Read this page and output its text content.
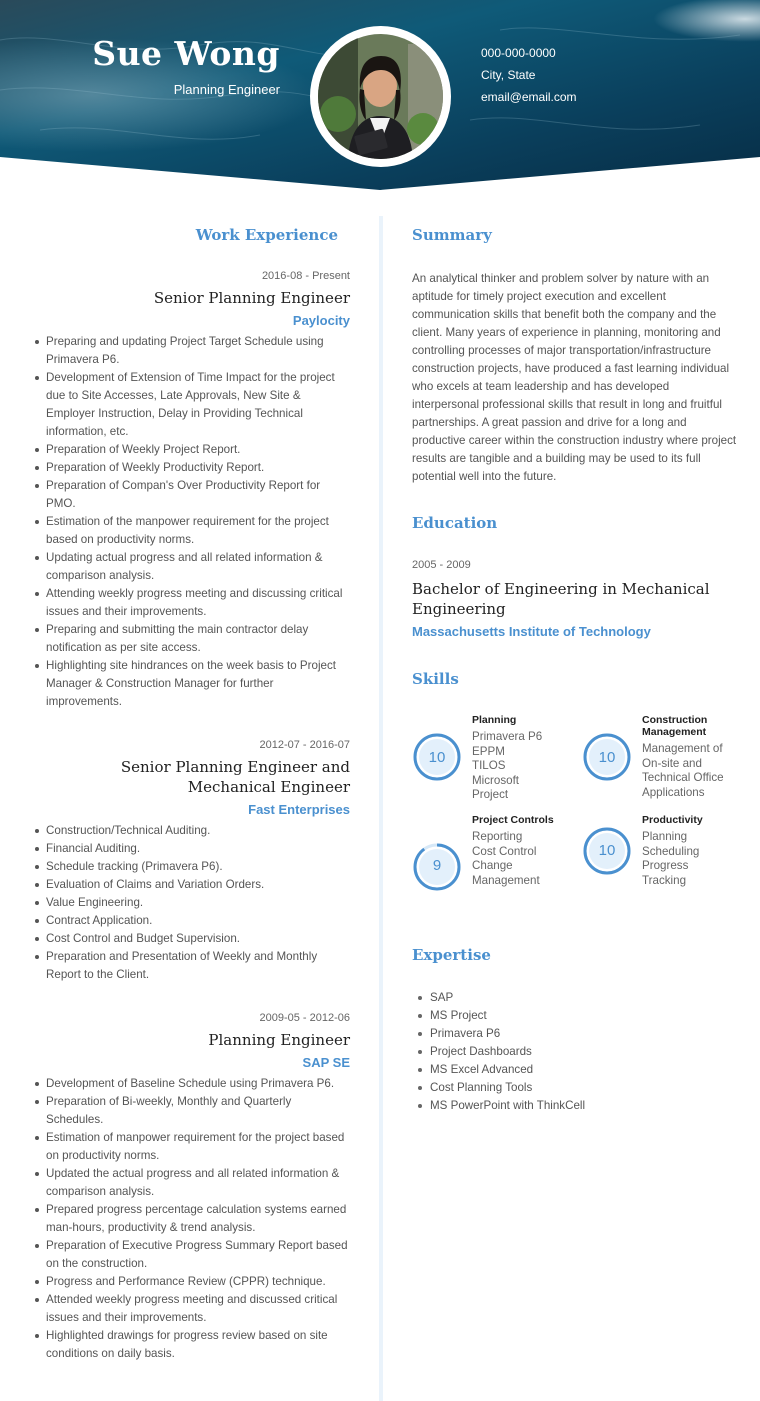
Sue Wong
Planning Engineer
000-000-0000
City, State
email@email.com
Work Experience
2016-08 - Present
Senior Planning Engineer
Paylocity
Preparing and updating Project Target Schedule using Primavera P6.
Development of Extension of Time Impact for the project due to Site Accesses, Late Approvals, New Site & Employer Instruction, Delay in Providing Technical information, etc.
Preparation of Weekly Project Report.
Preparation of Weekly Productivity Report.
Preparation of Compan's Over Productivity Report for PMO.
Estimation of the manpower requirement for the project based on productivity norms.
Updating actual progress and all related information & comparison analysis.
Attending weekly progress meeting and discussing critical issues and their improvements.
Preparing and submitting the main contractor delay notification as per site access.
Highlighting site hindrances on the week basis to Project Manager & Construction Manager for further improvements.
2012-07 - 2016-07
Senior Planning Engineer and Mechanical Engineer
Fast Enterprises
Construction/Technical Auditing.
Financial Auditing.
Schedule tracking (Primavera P6).
Evaluation of Claims and Variation Orders.
Value Engineering.
Contract Application.
Cost Control and Budget Supervision.
Preparation and Presentation of Weekly and Monthly Report to the Client.
2009-05 - 2012-06
Planning Engineer
SAP SE
Development of Baseline Schedule using Primavera P6.
Preparation of Bi-weekly, Monthly and Quarterly Schedules.
Estimation of manpower requirement for the project based on productivity norms.
Updated the actual progress and all related information & comparison analysis.
Prepared progress percentage calculation systems earned man-hours, productivity & trend analysis.
Preparation of Executive Progress Summary Report based on the construction.
Progress and Performance Review (CPPR) technique.
Attended weekly progress meeting and discussed critical issues and their improvements.
Highlighted drawings for progress review based on site conditions on daily basis.
Summary
An analytical thinker and problem solver by nature with an aptitude for timely project execution and excellent communication skills that benefit both the company and the client. Many years of experience in planning, monitoring and controlling processes of major transportation/infrastructure construction projects, have produced a fast learning individual who excels at team leadership and has developed interpersonal professional skills that result in long and fruitful partnerships. A great passion and drive for a long and productive career within the construction industry where project results are tangible and a building may be used to its full potential well into the future.
Education
2005 - 2009
Bachelor of Engineering in Mechanical Engineering
Massachusetts Institute of Technology
Skills
10
Planning
Primavera P6
EPPM
TILOS
Microsoft
Project
10
Construction Management
Management of
On-site and
Technical Office
Applications
9
Project Controls
Reporting
Cost Control
Change
Management
10
Productivity
Planning
Scheduling
Progress
Tracking
Expertise
SAP
MS Project
Primavera P6
Project Dashboards
MS Excel Advanced
Cost Planning Tools
MS PowerPoint with ThinkCell
